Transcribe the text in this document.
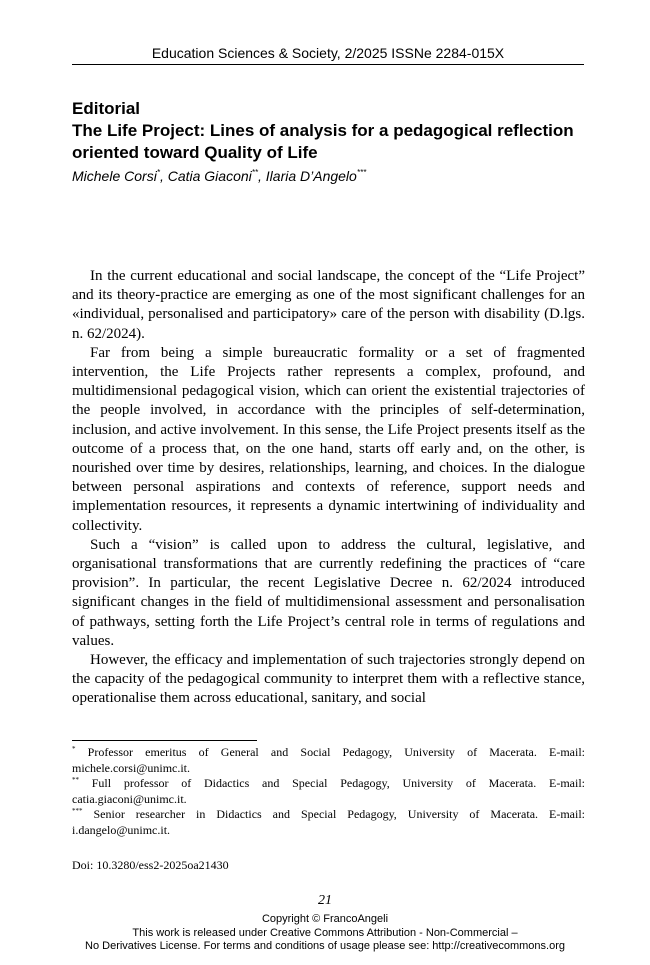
Education Sciences & Society, 2/2025 ISSNe 2284-015X
Editorial
The Life Project: Lines of analysis for a pedagogical reflection oriented toward Quality of Life
Michele Corsi*, Catia Giaconi**, Ilaria D’Angelo***

In the current educational and social landscape, the concept of the “Life Project” and its theory-practice are emerging as one of the most significant challenges for an «individual, personalised and participatory» care of the person with disability (D.lgs. n. 62/2024).

Far from being a simple bureaucratic formality or a set of fragmented intervention, the Life Projects rather represents a complex, profound, and multidimensional pedagogical vision, which can orient the existential trajectories of the people involved, in accordance with the principles of self-determination, inclusion, and active involvement. In this sense, the Life Project presents itself as the outcome of a process that, on the one hand, starts off early and, on the other, is nourished over time by desires, relationships, learning, and choices. In the dialogue between personal aspirations and contexts of reference, support needs and implementation resources, it represents a dynamic intertwining of individuality and collectivity.

Such a “vision” is called upon to address the cultural, legislative, and organisational transformations that are currently redefining the practices of “care provision”. In particular, the recent Legislative Decree n. 62/2024 introduced significant changes in the field of multidimensional assessment and personalisation of pathways, setting forth the Life Project’s central role in terms of regulations and values.

However, the efficacy and implementation of such trajectories strongly depend on the capacity of the pedagogical community to interpret them with a reflective stance, operationalise them across educational, sanitary, and social

* Professor emeritus of General and Social Pedagogy, University of Macerata. E-mail: michele.corsi@unimc.it.

** Full professor of Didactics and Special Pedagogy, University of Macerata. E-mail: catia.giaconi@unimc.it.

*** Senior researcher in Didactics and Special Pedagogy, University of Macerata. E-mail: i.dangelo@unimc.it.

Doi: 10.3280/ess2-2025oa21430
21
Copyright © FrancoAngeli
This work is released under Creative Commons Attribution - Non-Commercial –
No Derivatives License. For terms and conditions of usage please see: http://creativecommons.org
